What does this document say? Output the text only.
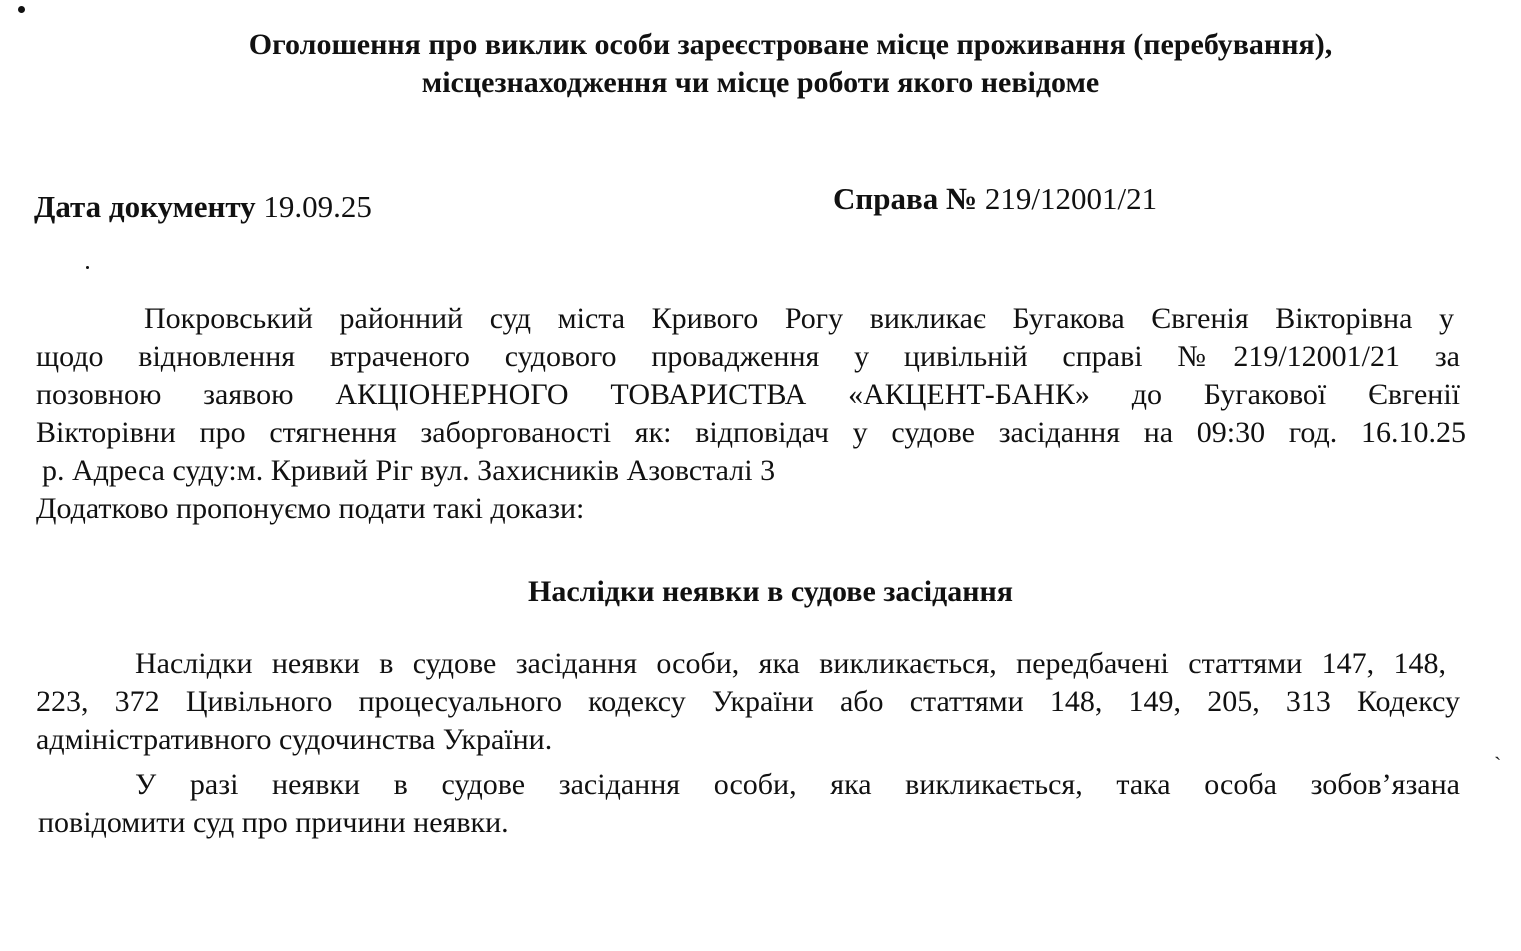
`
Оголошення про виклик особи зареєстроване місце проживання (перебування),
місцезнаходження чи місце роботи якого невідоме
Дата документу 19.09.25	Справа № 219/12001/21
Покровський районний суд міста Кривого Рогу викликає Бугакова Євгенія Вікторівна у
щодо відновлення втраченого судового провадження у цивільній справі №219/12001/21 за
позовною заявою АКЦІОНЕРНОГО ТОВАРИСТВА «АКЦЕНТ-БАНК» до Бугакової Євгенії
Вікторівни про стягнення заборгованості як: відповідач у судове засідання на 09:30 год. 16.10.25
р. Адреса суду:м. Кривий Ріг вул. Захисників Азовсталі 3
Додатково пропонуємо подати такі докази:
Наслідки неявки в судове засідання
Наслідки неявки в судове засідання особи, яка викликається, передбачені статтями 147, 148,
223, 372 Цивільного процесуального кодексу України або статтями 148, 149, 205, 313 Кодексу
адміністративного судочинства України.
У разі неявки в судове засідання особи, яка викликається, така особа зобов’язана
повідомити суд про причини неявки.
